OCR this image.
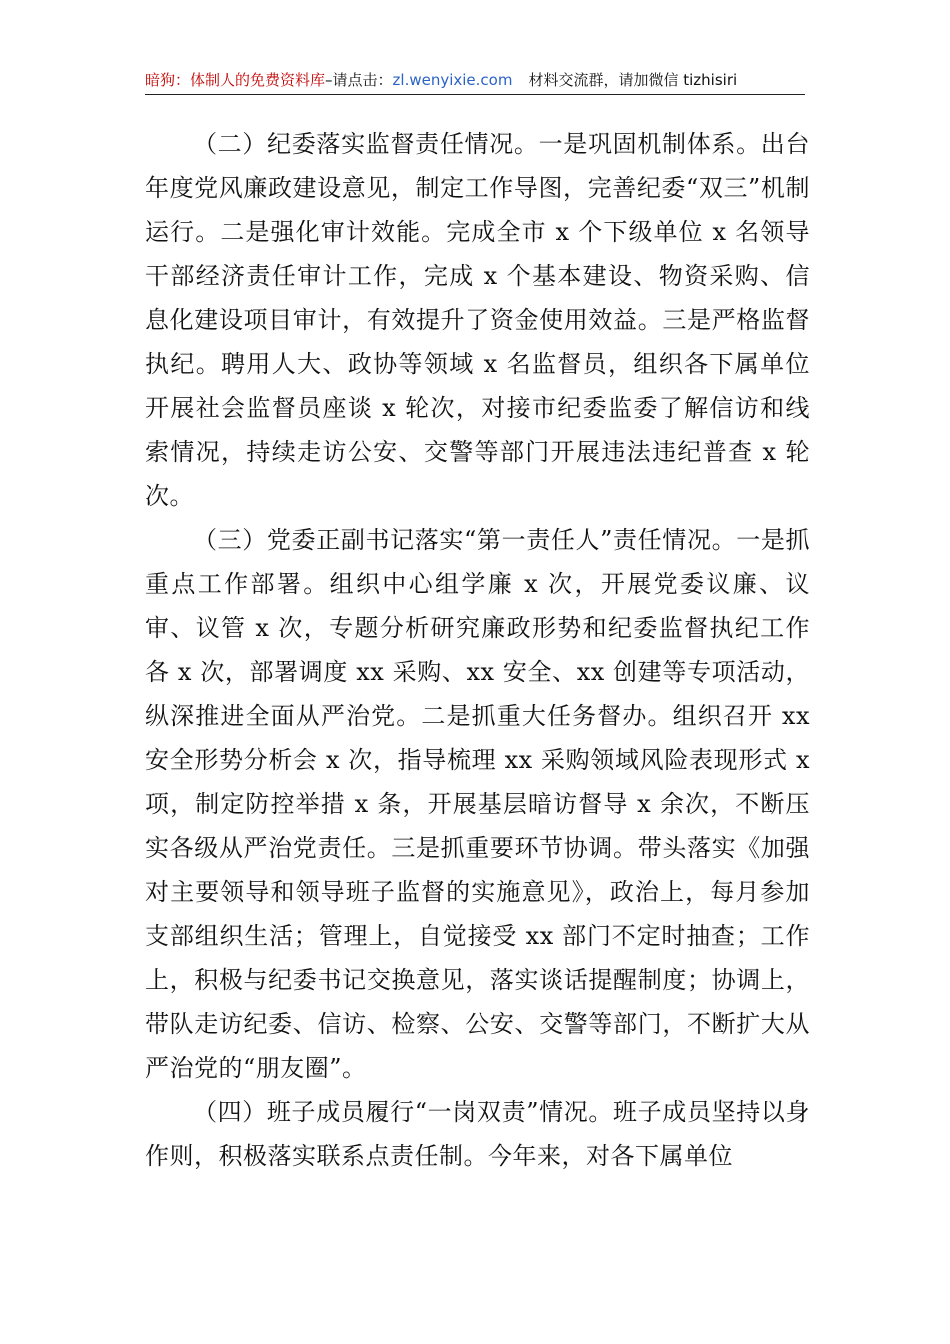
暗狗：体制人的免费资料库–请点击：zl.wenyixie.com 材料交流群，请加微信 tizhisiri

（二）纪委落实监督责任情况。一是巩固机制体系。出台年度党风廉政建设意见，制定工作导图，完善纪委“双三”机制运行。二是强化审计效能。完成全市 x 个下级单位 x 名领导干部经济责任审计工作，完成 x 个基本建设、物资采购、信息化建设项目审计，有效提升了资金使用效益。三是严格监督执纪。聘用人大、政协等领域 x 名监督员，组织各下属单位开展社会监督员座谈 x 轮次，对接市纪委监委了解信访和线索情况，持续走访公安、交警等部门开展违法违纪普查 x 轮次。

（三）党委正副书记落实“第一责任人”责任情况。一是抓重点工作部署。组织中心组学廉 x 次，开展党委议廉、议审、议管 x 次，专题分析研究廉政形势和纪委监督执纪工作各 x 次，部署调度 xx 采购、xx 安全、xx 创建等专项活动，纵深推进全面从严治党。二是抓重大任务督办。组织召开 xx 安全形势分析会 x 次，指导梳理 xx 采购领域风险表现形式 x 项，制定防控举措 x 条，开展基层暗访督导 x 余次，不断压实各级从严治党责任。三是抓重要环节协调。带头落实《加强对主要领导和领导班子监督的实施意见》，政治上，每月参加支部组织生活；管理上，自觉接受 xx 部门不定时抽查；工作上，积极与纪委书记交换意见，落实谈话提醒制度；协调上，带队走访纪委、信访、检察、公安、交警等部门，不断扩大从严治党的“朋友圈”。

（四）班子成员履行“一岗双责”情况。班子成员坚持以身作则，积极落实联系点责任制。今年来，对各下属单位
